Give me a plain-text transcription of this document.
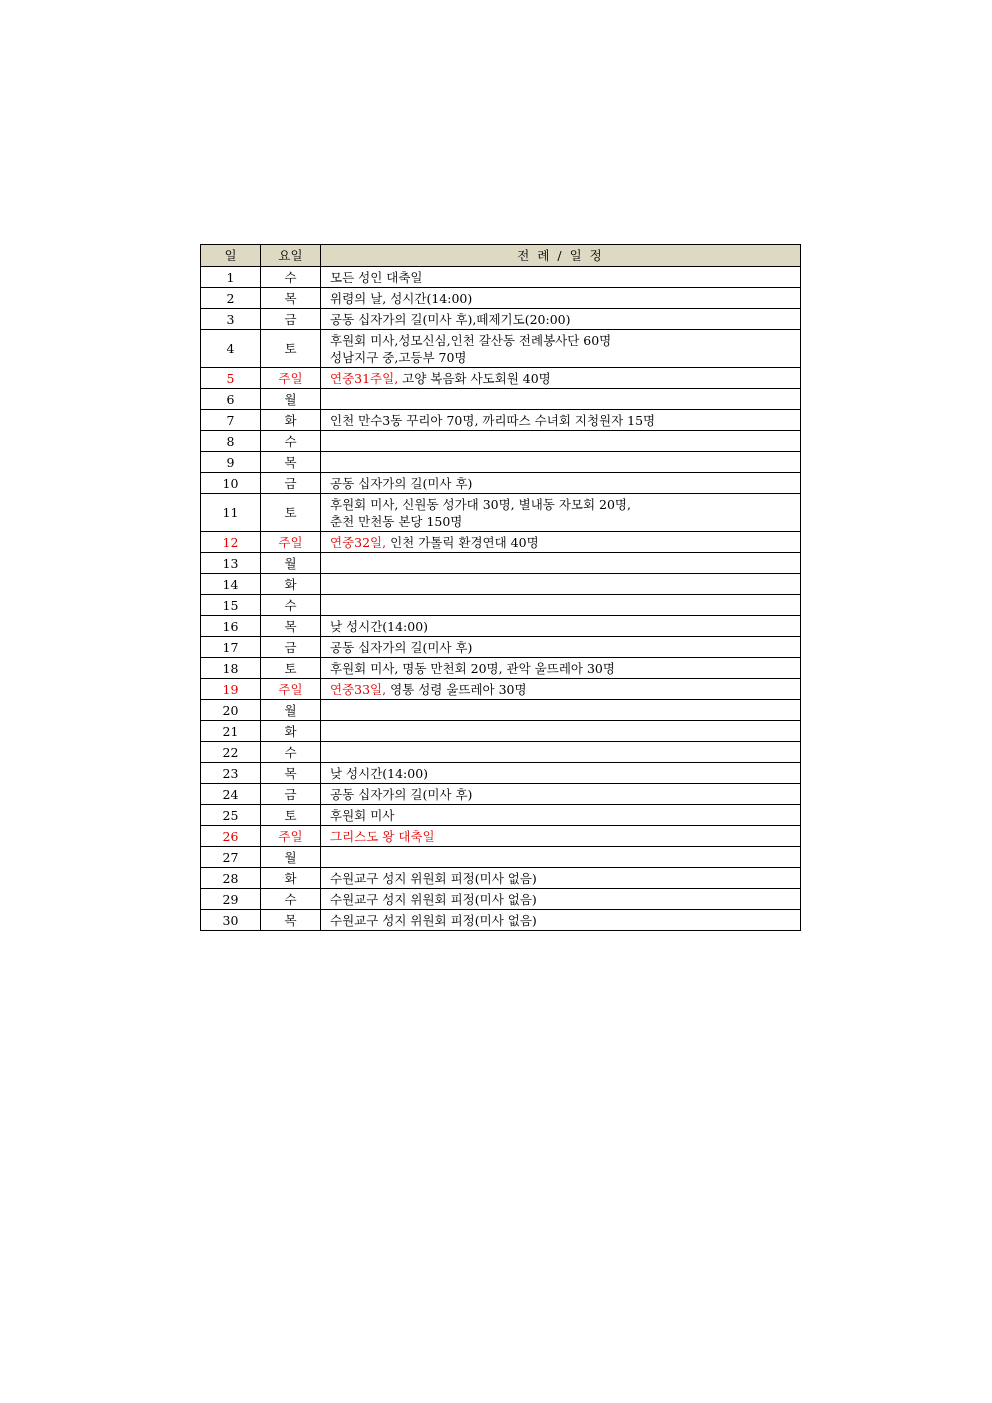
일	요일	전 례 / 일 정
1	수	모든 성인 대축일
2	목	위령의 날, 성시간(14:00)
3	금	공동 십자가의 길(미사 후),떼제기도(20:00)
4	토	후원회 미사,성모신심,인천 갈산동 전례봉사단 60명
성남지구 중,고등부 70명

5	주일	연중31주일, 고양 복음화 사도회원 40명
6	월	
7	화	인천 만수3동 꾸리아 70명, 까리따스 수녀회 지청원자 15명
8	수	
9	목	
10	금	공동 십자가의 길(미사 후)
11	토	후원회 미사, 신원동 성가대 30명, 별내동 자모회 20명,
춘천 만천동 본당 150명

12	주일	연중32일, 인천 가톨릭 환경연대 40명
13	월	
14	화	
15	수	
16	목	낮 성시간(14:00)
17	금	공동 십자가의 길(미사 후)
18	토	후원회 미사, 명동 만천회 20명, 관악 울뜨레아 30명
19	주일	연중33일, 영통 성령 울뜨레아 30명
20	월	
21	화	
22	수	
23	목	낮 성시간(14:00)
24	금	공동 십자가의 길(미사 후)
25	토	후원회 미사
26	주일	그리스도 왕 대축일
27	월	
28	화	수원교구 성지 위원회 피정(미사 없음)
29	수	수원교구 성지 위원회 피정(미사 없음)
30	목	수원교구 성지 위원회 피정(미사 없음)
